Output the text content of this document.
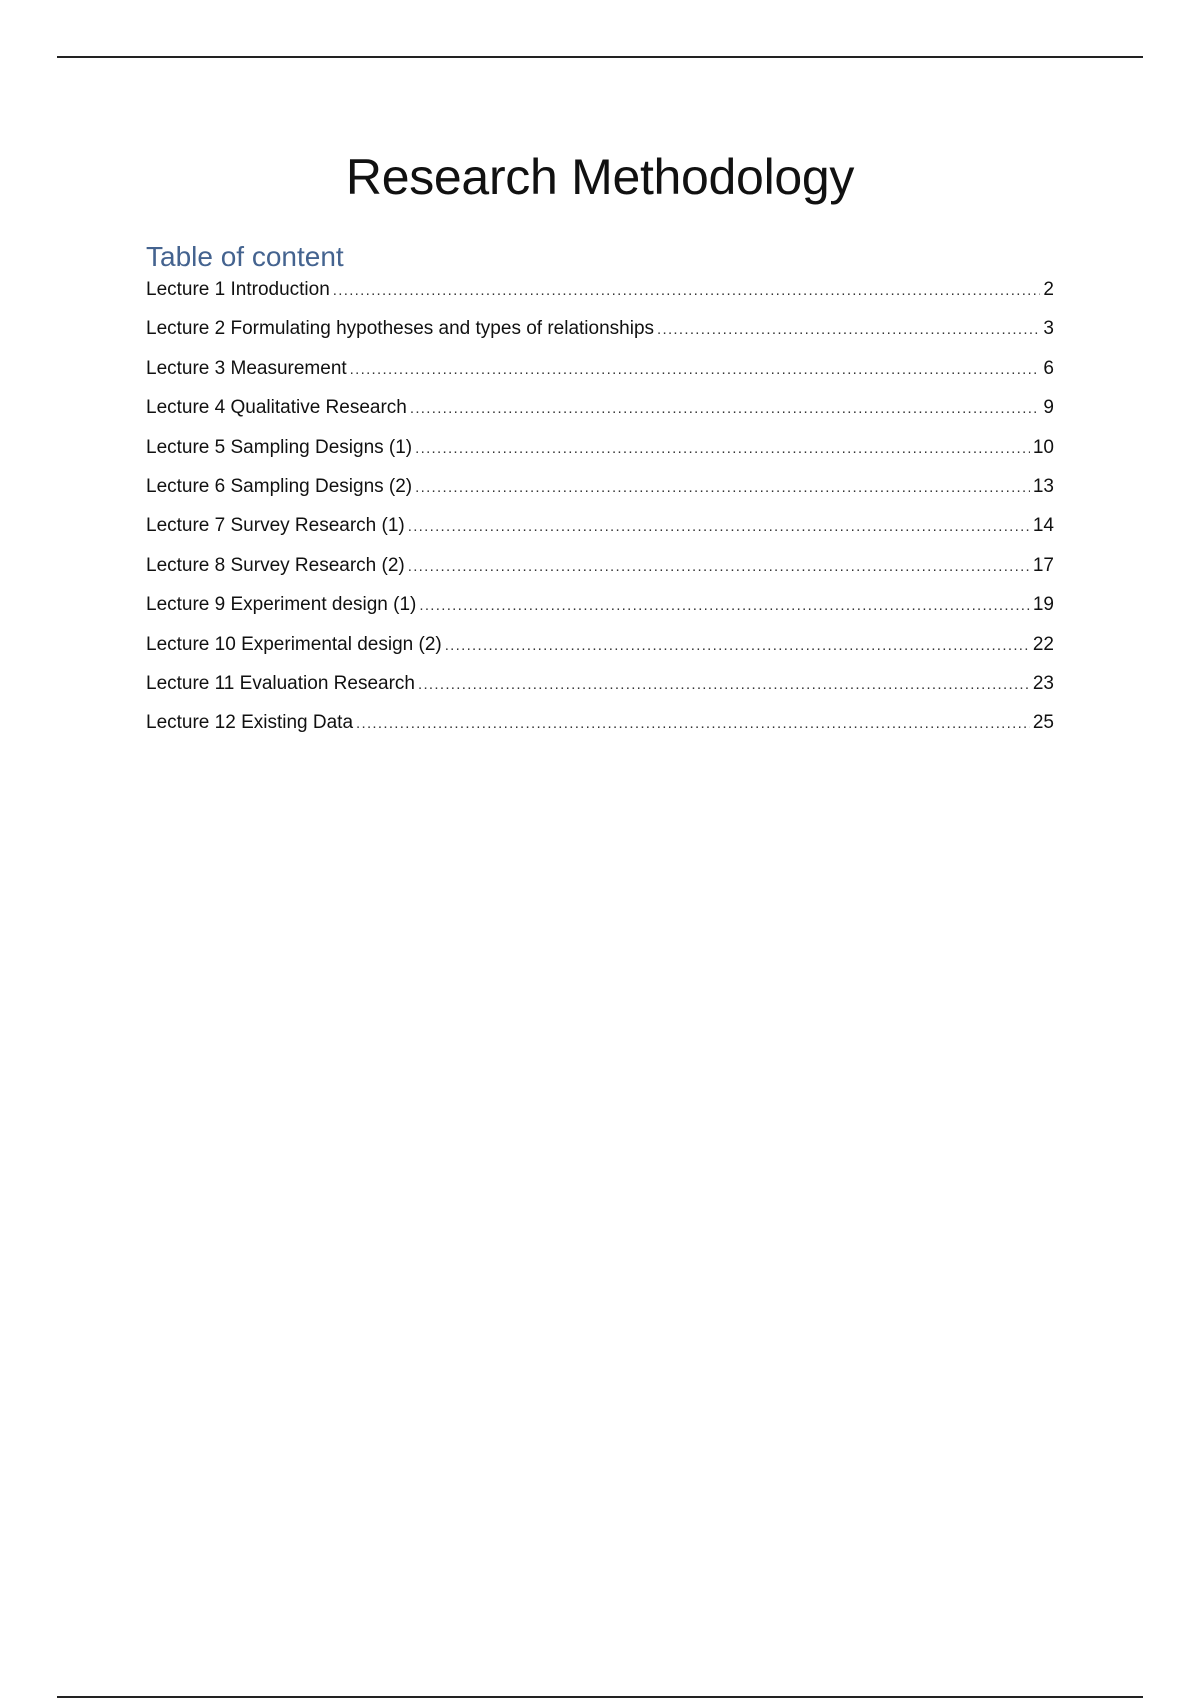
Research Methodology
Table of content
Lecture 1 Introduction .....	2
Lecture 2 Formulating hypotheses and types of relationships .....	3
Lecture 3 Measurement .....	6
Lecture 4 Qualitative Research .....	9
Lecture 5 Sampling Designs (1) .....	10
Lecture 6 Sampling Designs (2) .....	13
Lecture 7 Survey Research (1) .....	14
Lecture 8 Survey Research (2) .....	17
Lecture 9 Experiment design (1) .....	19
Lecture 10 Experimental design (2) .....	22
Lecture 11 Evaluation Research .....	23
Lecture 12 Existing Data .....	25
